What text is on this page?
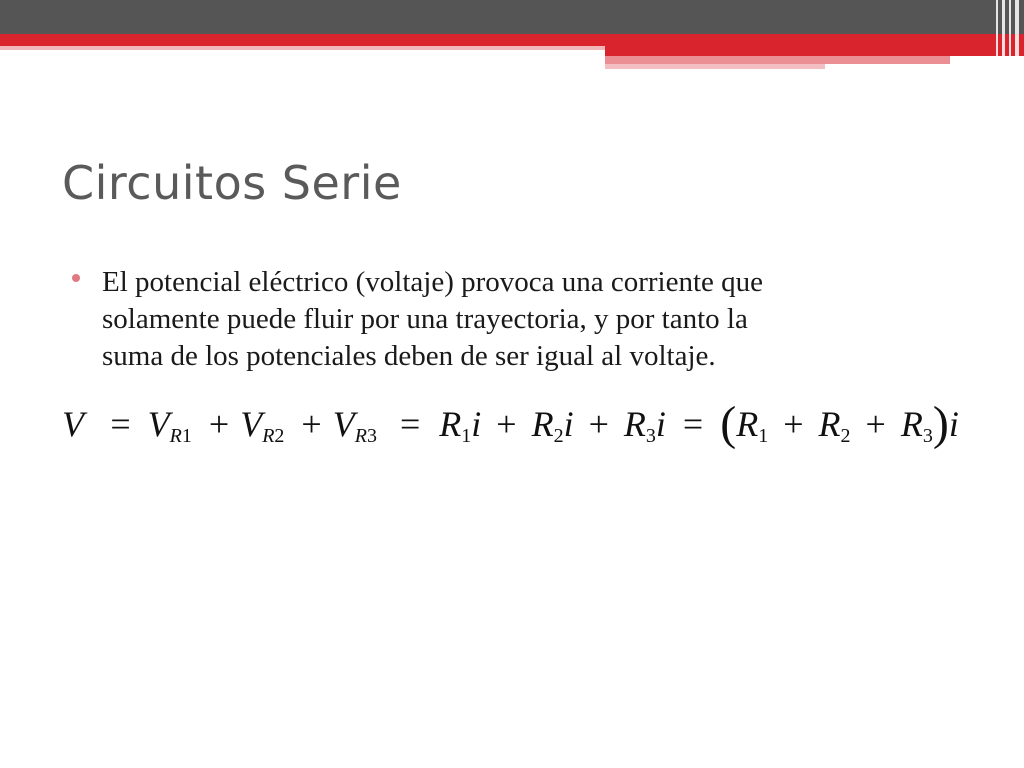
Circuitos Serie
El potencial eléctrico (voltaje) provoca una corriente que
solamente puede fluir por una trayectoria, y por tanto la
suma de los potenciales deben de ser igual al voltaje.
$V = V_{R1} + V_{R2} + V_{R3} = R_1i + R_2i + R_3i = (R_1 + R_2 + R_3)i$
